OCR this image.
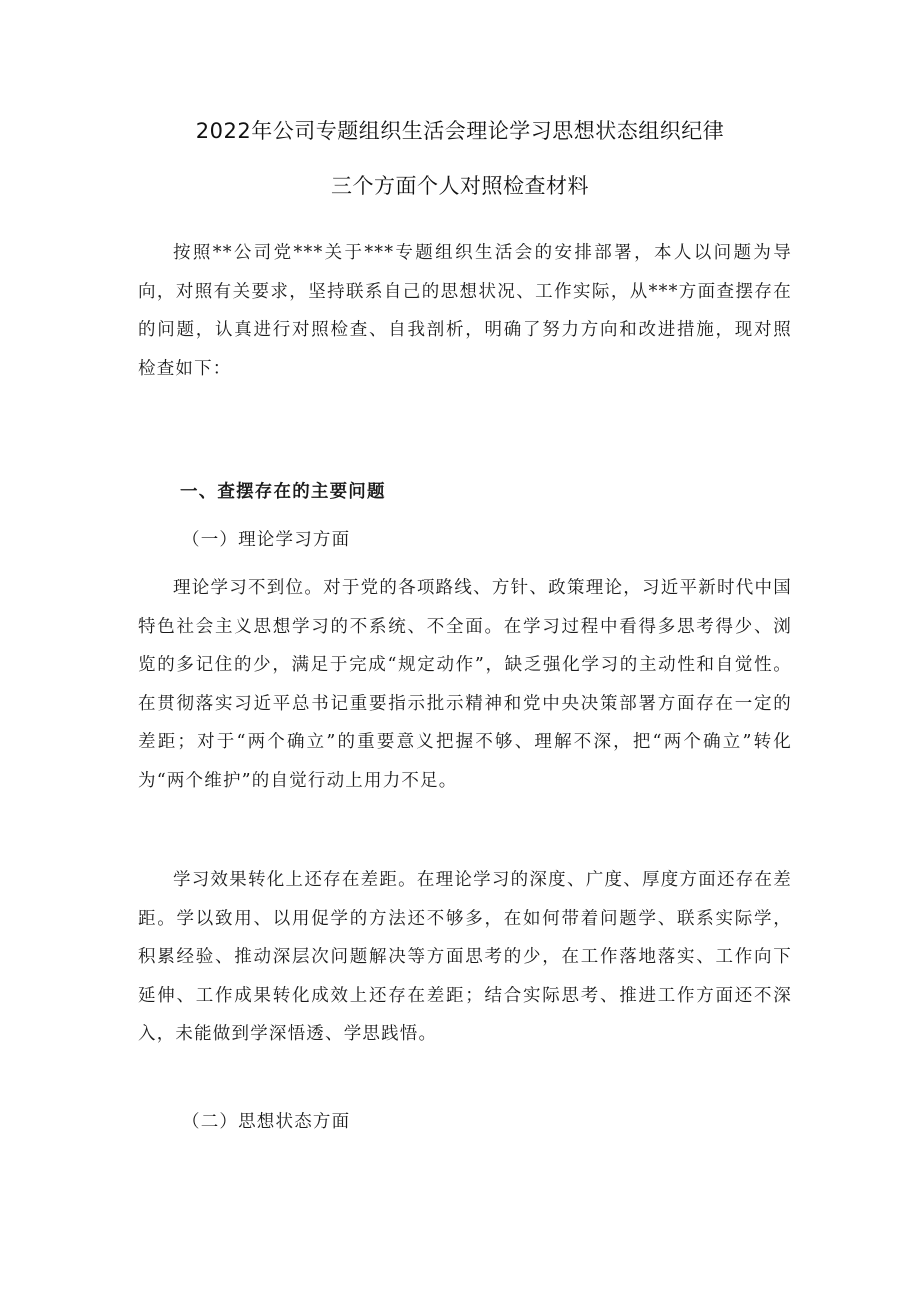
2022年公司专题组织生活会理论学习思想状态组织纪律
三个方面个人对照检查材料

按照**公司党***关于***专题组织生活会的安排部署，本人以问题为导向，对照有关要求，坚持联系自己的思想状况、工作实际，从***方面查摆存在的问题，认真进行对照检查、自我剖析，明确了努力方向和改进措施，现对照检查如下：

一、查摆存在的主要问题

（一）理论学习方面

理论学习不到位。对于党的各项路线、方针、政策理论，习近平新时代中国特色社会主义思想学习的不系统、不全面。在学习过程中看得多思考得少、浏览的多记住的少，满足于完成“规定动作”，缺乏强化学习的主动性和自觉性。在贯彻落实习近平总书记重要指示批示精神和党中央决策部署方面存在一定的差距；对于“两个确立”的重要意义把握不够、理解不深，把“两个确立”转化为“两个维护”的自觉行动上用力不足。

学习效果转化上还存在差距。在理论学习的深度、广度、厚度方面还存在差距。学以致用、以用促学的方法还不够多，在如何带着问题学、联系实际学，积累经验、推动深层次问题解决等方面思考的少，在工作落地落实、工作向下延伸、工作成果转化成效上还存在差距；结合实际思考、推进工作方面还不深入，未能做到学深悟透、学思践悟。

（二）思想状态方面
